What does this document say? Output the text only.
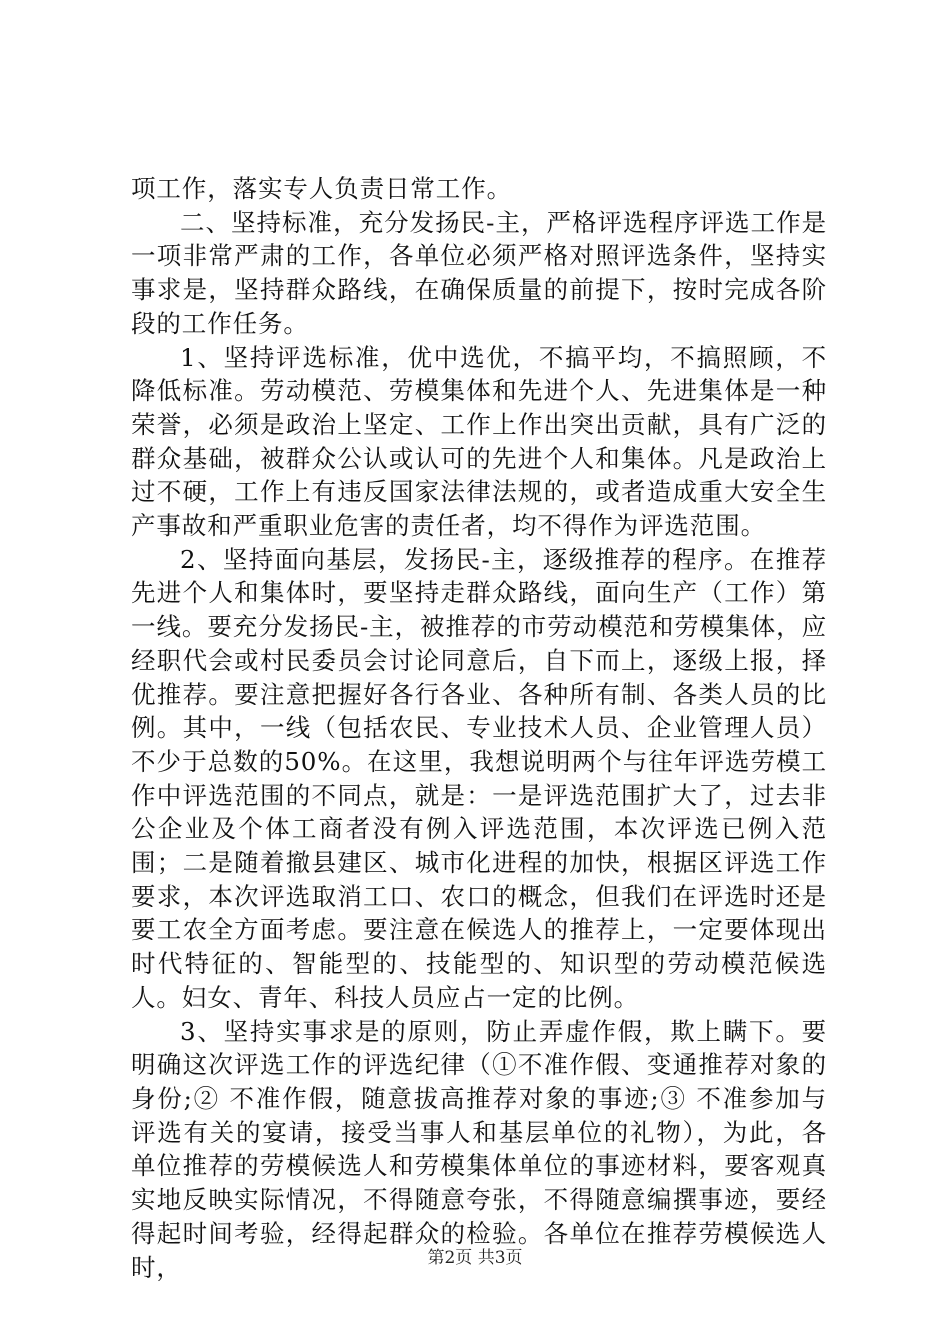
项工作，落实专人负责日常工作。

二、坚持标准，充分发扬民-主，严格评选程序评选工作是一项非常严肃的工作，各单位必须严格对照评选条件，坚持实事求是，坚持群众路线，在确保质量的前提下，按时完成各阶段的工作任务。

1、坚持评选标准，优中选优，不搞平均，不搞照顾，不降低标准。劳动模范、劳模集体和先进个人、先进集体是一种荣誉，必须是政治上坚定、工作上作出突出贡献，具有广泛的群众基础，被群众公认或认可的先进个人和集体。凡是政治上过不硬，工作上有违反国家法律法规的，或者造成重大安全生产事故和严重职业危害的责任者，均不得作为评选范围。

2、坚持面向基层，发扬民-主，逐级推荐的程序。在推荐先进个人和集体时，要坚持走群众路线，面向生产（工作）第一线。要充分发扬民-主，被推荐的市劳动模范和劳模集体，应经职代会或村民委员会讨论同意后，自下而上，逐级上报，择优推荐。要注意把握好各行各业、各种所有制、各类人员的比例。其中，一线（包括农民、专业技术人员、企业管理人员）不少于总数的50%。在这里，我想说明两个与往年评选劳模工作中评选范围的不同点，就是：一是评选范围扩大了，过去非公企业及个体工商者没有例入评选范围，本次评选已例入范围；二是随着撤县建区、城市化进程的加快，根据区评选工作要求，本次评选取消工口、农口的概念，但我们在评选时还是要工农全方面考虑。要注意在候选人的推荐上，一定要体现出时代特征的、智能型的、技能型的、知识型的劳动模范候选人。妇女、青年、科技人员应占一定的比例。

3、坚持实事求是的原则，防止弄虚作假，欺上瞒下。要明确这次评选工作的评选纪律（①不准作假、变通推荐对象的身份;② 不准作假，随意拔高推荐对象的事迹;③ 不准参加与评选有关的宴请，接受当事人和基层单位的礼物），为此，各单位推荐的劳模候选人和劳模集体单位的事迹材料，要客观真实地反映实际情况，不得随意夸张，不得随意编撰事迹，要经得起时间考验，经得起群众的检验。各单位在推荐劳模候选人时，	第2页 共3页
